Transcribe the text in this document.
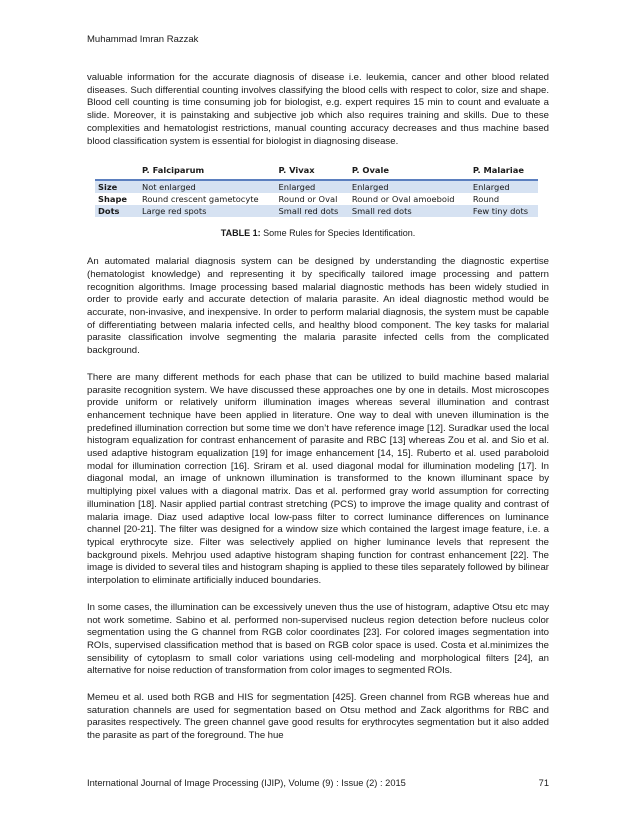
Muhammad Imran Razzak

valuable information for the accurate diagnosis of disease i.e. leukemia, cancer and other blood related diseases. Such differential counting involves classifying the blood cells with respect to color, size and shape. Blood cell counting is time consuming job for biologist, e.g. expert requires 15 min to count and evaluate a slide. Moreover, it is painstaking and subjective job which also requires training and skills. Due to these complexities and hematologist restrictions, manual counting accuracy decreases and thus machine based blood classification system is essential for biologist in diagnosing disease.

	P. Falciparum	P. Vivax	P. Ovale	P. Malariae
Size	Not enlarged	Enlarged	Enlarged	Enlarged
Shape	Round crescent gametocyte	Round or Oval	Round or Oval amoeboid	Round
Dots	Large red spots	Small red dots	Small red dots	Few tiny dots
TABLE 1: Some Rules for Species Identification.

An automated malarial diagnosis system can be designed by understanding the diagnostic expertise (hematologist knowledge) and representing it by specifically tailored image processing and pattern recognition algorithms. Image processing based malarial diagnostic methods has been widely studied in order to provide early and accurate detection of malaria parasite. An ideal diagnostic method would be accurate, non-invasive, and inexpensive. In order to perform malarial diagnosis, the system must be capable of differentiating between malaria infected cells, and healthy blood component. The key tasks for malarial parasite classification involve segmenting the malaria parasite infected cells from the complicated background.

There are many different methods for each phase that can be utilized to build machine based malarial parasite recognition system. We have discussed these approaches one by one in details. Most microscopes provide uniform or relatively uniform illumination images whereas several illumination and contrast enhancement technique have been applied in literature. One way to deal with uneven illumination is the predefined illumination correction but some time we don’t have reference image [12]. Suradkar used the local histogram equalization for contrast enhancement of parasite and RBC [13] whereas Zou et al. and Sio et al. used adaptive histogram equalization [19] for image enhancement [14, 15]. Ruberto et al. used paraboloid modal for illumination correction [16]. Sriram et al. used diagonal modal for illumination modeling [17]. In diagonal modal, an image of unknown illumination is transformed to the known illuminant space by multiplying pixel values with a diagonal matrix. Das et al. performed gray world assumption for correcting illumination [18]. Nasir applied partial contrast stretching (PCS) to improve the image quality and contrast of malaria image. Diaz used adaptive local low-pass filter to correct luminance differences on luminance channel [20-21]. The filter was designed for a window size which contained the largest image feature, i.e. a typical erythrocyte size. Filter was selectively applied on higher luminance levels that represent the background pixels. Mehrjou used adaptive histogram shaping function for contrast enhancement [22]. The image is divided to several tiles and histogram shaping is applied to these tiles separately followed by bilinear interpolation to eliminate artificially induced boundaries.

In some cases, the illumination can be excessively uneven thus the use of histogram, adaptive Otsu etc may not work sometime. Sabino et al. performed non-supervised nucleus region detection before nucleus color segmentation using the G channel from RGB color coordinates [23]. For colored images segmentation into ROIs, supervised classification method that is based on RGB color space is used. Costa et al.minimizes the sensibility of cytoplasm to small color variations using cell-modeling and morphological filters [24], an alternative for noise reduction of transformation from color images to segmented ROIs.

Memeu et al. used both RGB and HIS for segmentation [425]. Green channel from RGB whereas hue and saturation channels are used for segmentation based on Otsu method and Zack algorithms for RBC and parasites respectively. The green channel gave good results for erythrocytes segmentation but it also added the parasite as part of the foreground. The hue

International Journal of Image Processing (IJIP), Volume (9) : Issue (2) : 2015	71
